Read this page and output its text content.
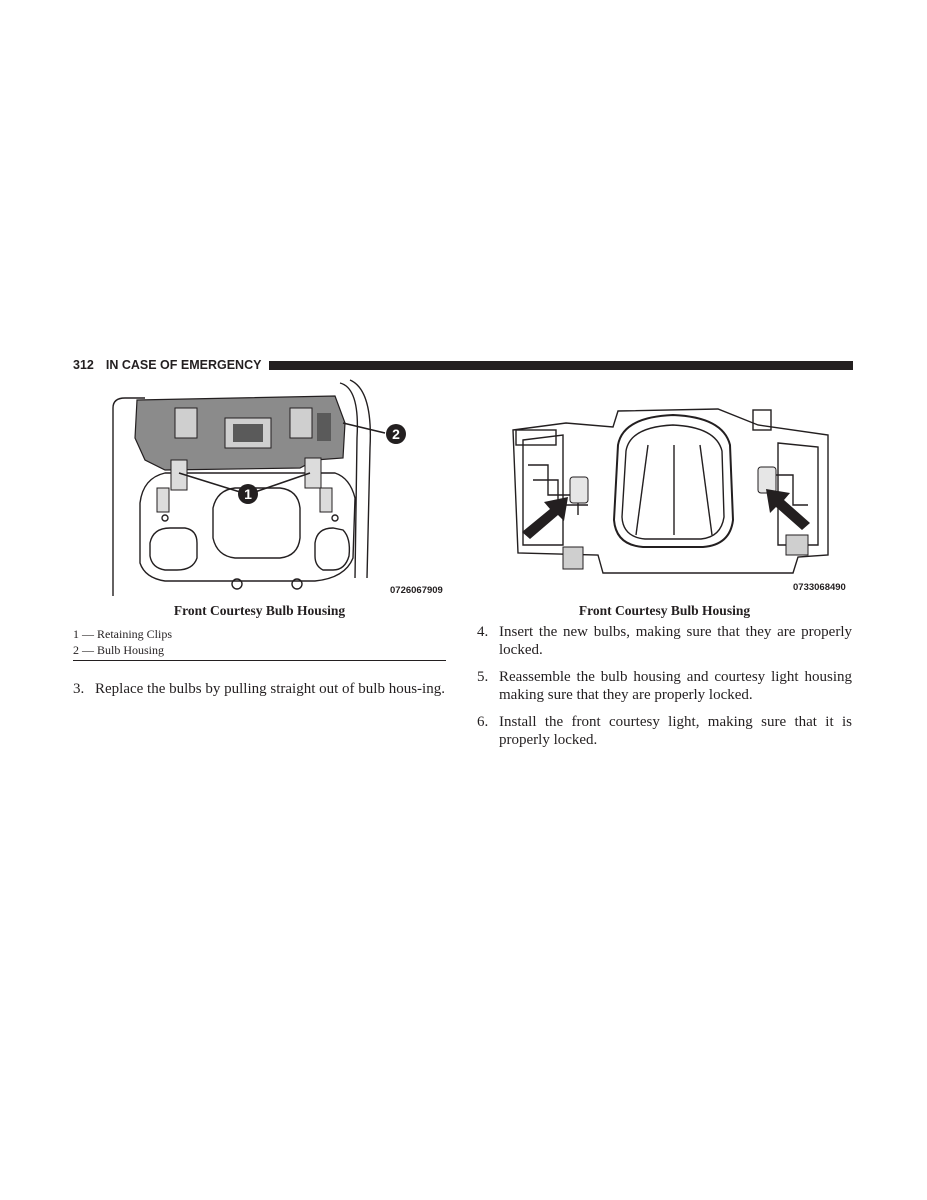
312 IN CASE OF EMERGENCY
1
2
0726067909
Front Courtesy Bulb Housing
1 — Retaining Clips
2 — Bulb Housing
0733068490
Front Courtesy Bulb Housing
3. Replace the bulbs by pulling straight out of bulb hous-ing.
4. Insert the new bulbs, making sure that they are properly locked.
5. Reassemble the bulb housing and courtesy light housing making sure that they are properly locked.
6. Install the front courtesy light, making sure that it is properly locked.
